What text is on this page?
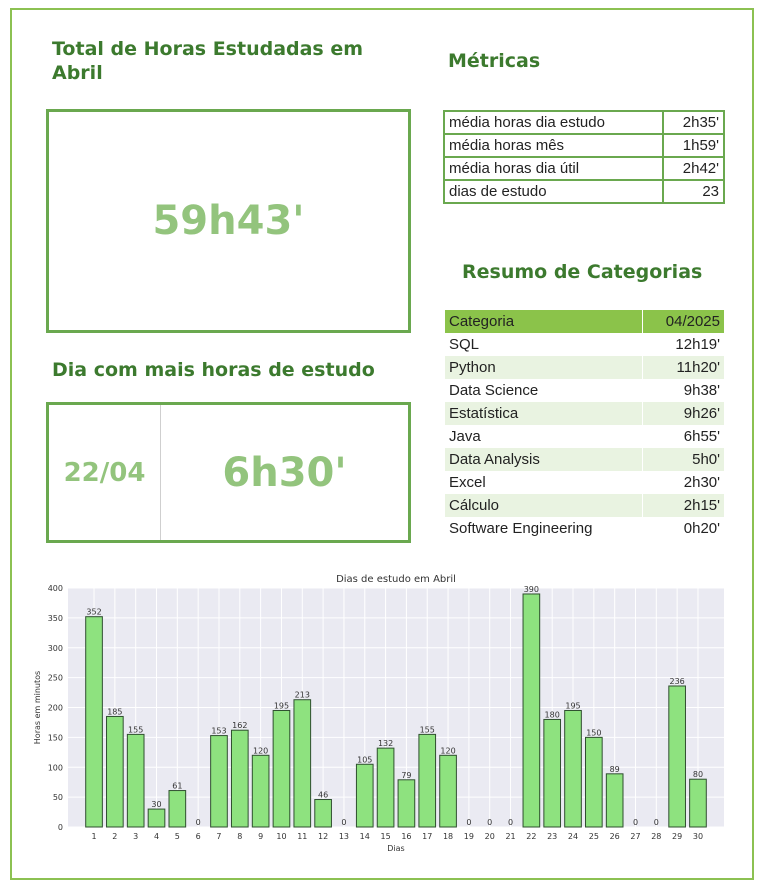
Total de Horas Estudadas em Abril
59h43'
Dia com mais horas de estudo
22/04	6h30'
Métricas
média horas dia estudo	2h35'
média horas mês	1h59'
média horas dia útil	2h42'
dias de estudo	23
Resumo de Categorias
Categoria	04/2025
SQL	12h19'
Python	11h20'
Data Science	9h38'
Estatística	9h26'
Java	6h55'
Data Analysis	5h0'
Excel	2h30'
Cálculo	2h15'
Software Engineering	0h20'
0
50
100
150
200
250
300
350
400
352
1
185
2
155
3
30
4
61
5
0
6
153
7
162
8
120
9
195
10
213
11
46
12
0
13
105
14
132
15
79
16
155
17
120
18
0
19
0
20
0
21
390
22
180
23
195
24
150
25
89
26
0
27
0
28
236
29
80
30
Dias de estudo em Abril
Dias
Horas em minutos
